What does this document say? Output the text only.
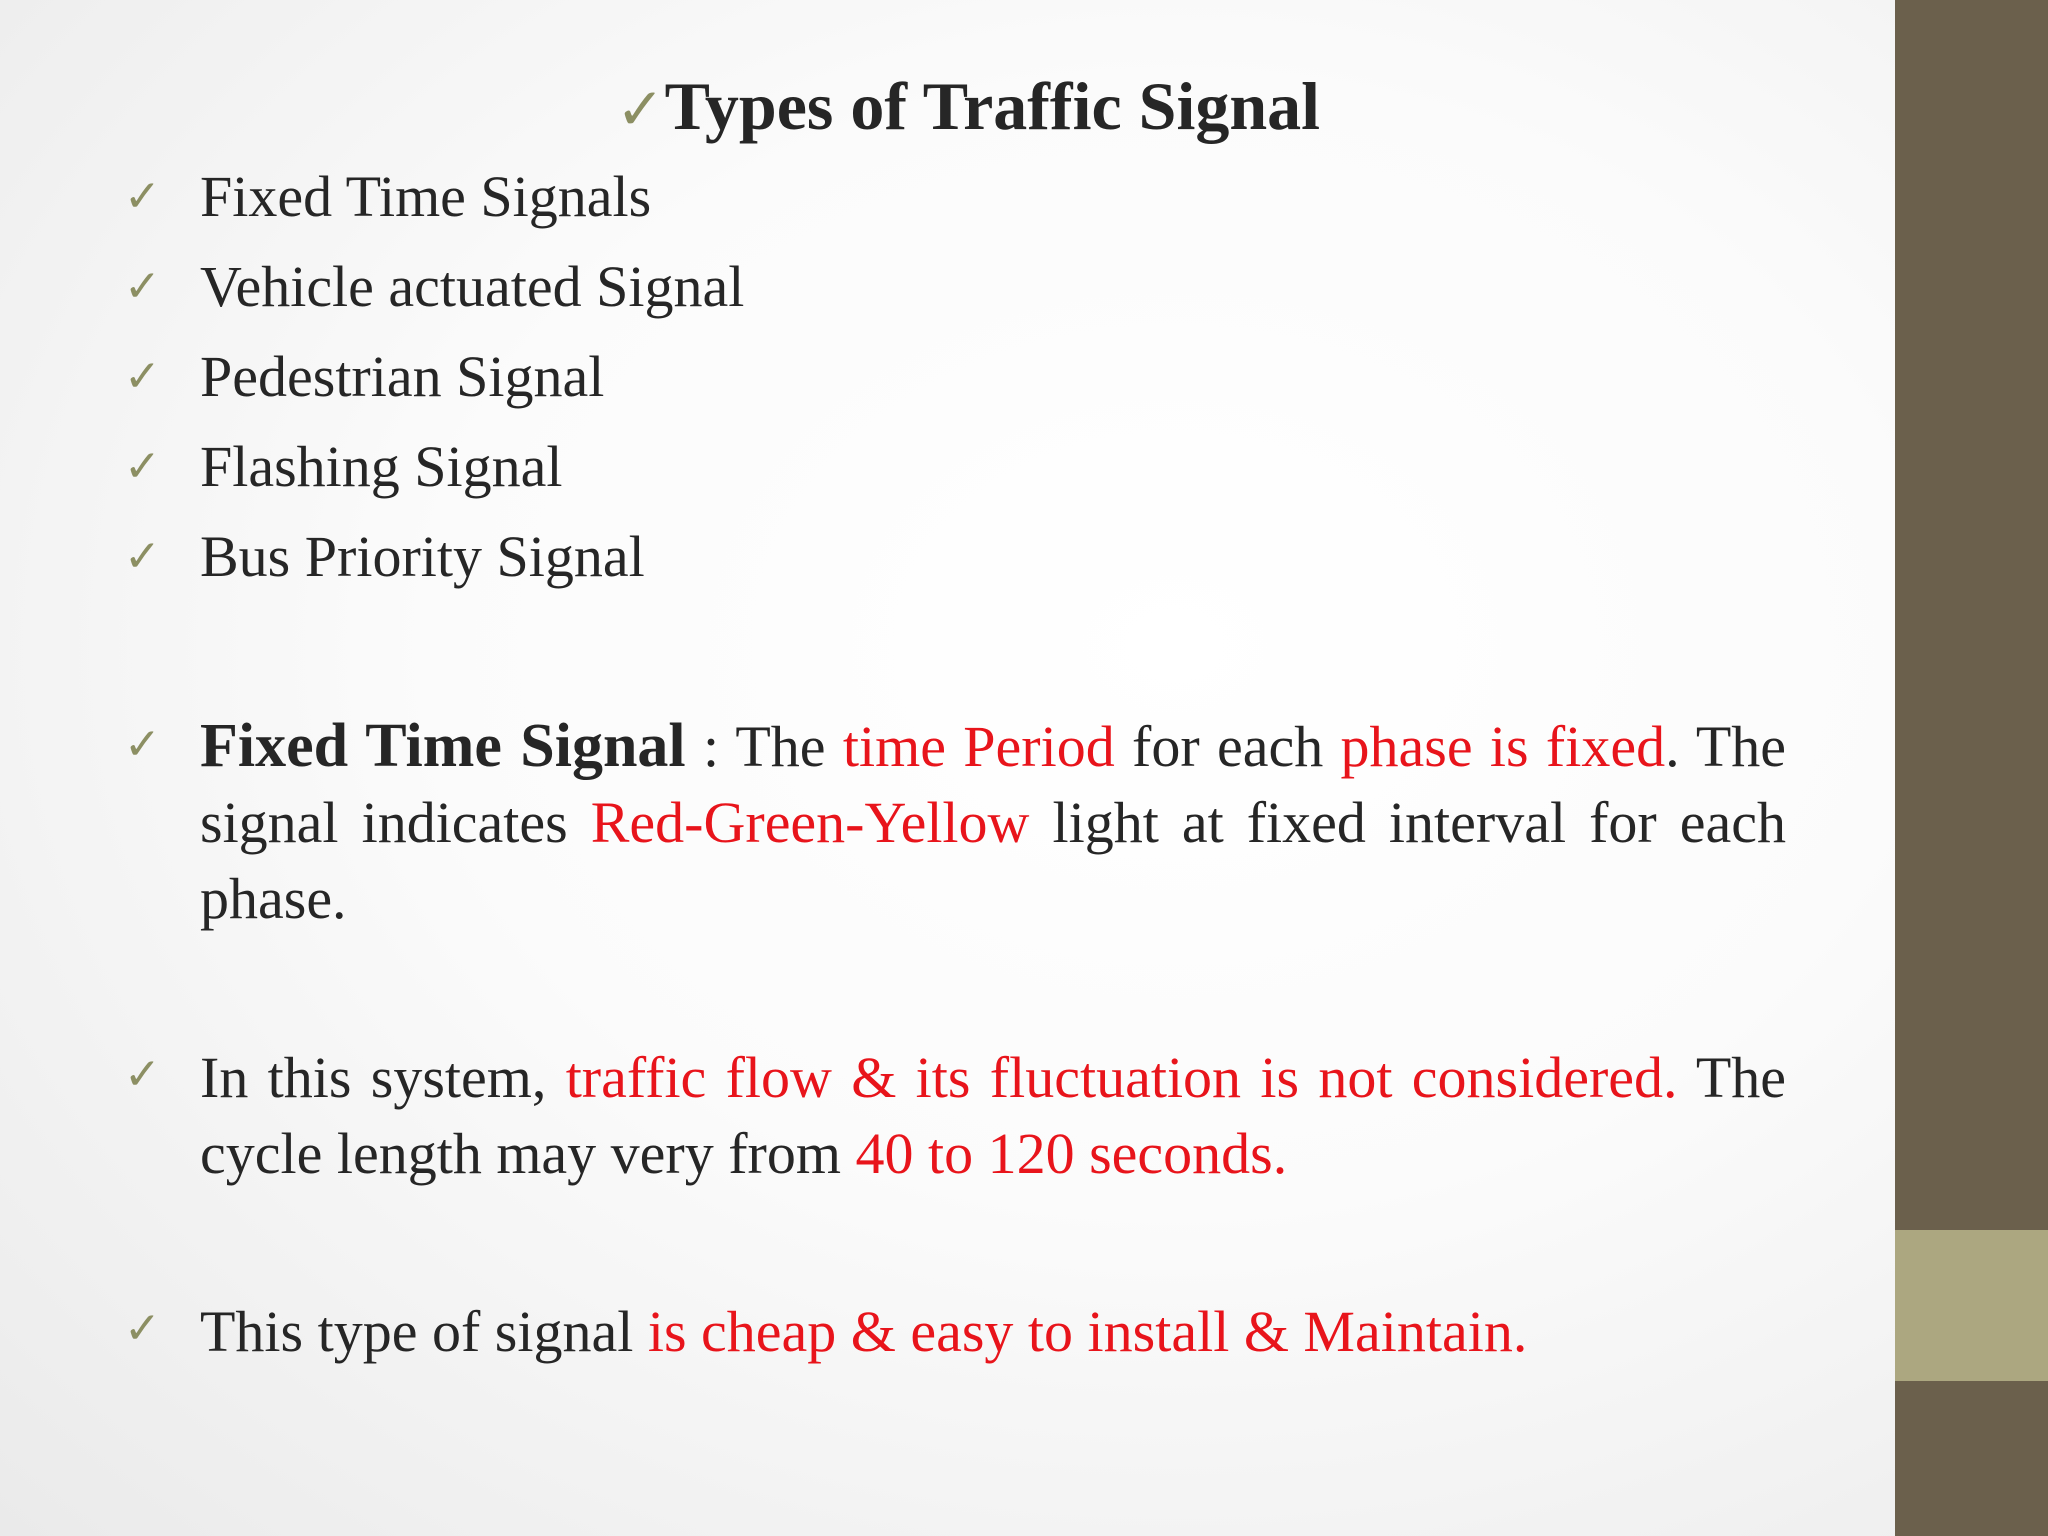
✓Types of Traffic Signal
✓ Fixed Time Signals
✓ Vehicle actuated Signal
✓ Pedestrian Signal
✓ Flashing Signal
✓ Bus Priority Signal
✓ Fixed Time Signal : The time Period for each phase is fixed. The signal indicates Red-Green-Yellow light at fixed interval for each phase.
✓ In this system, traffic flow & its fluctuation is not considered. The cycle length may very from 40 to 120 seconds.
✓ This type of signal is cheap & easy to install & Maintain.
